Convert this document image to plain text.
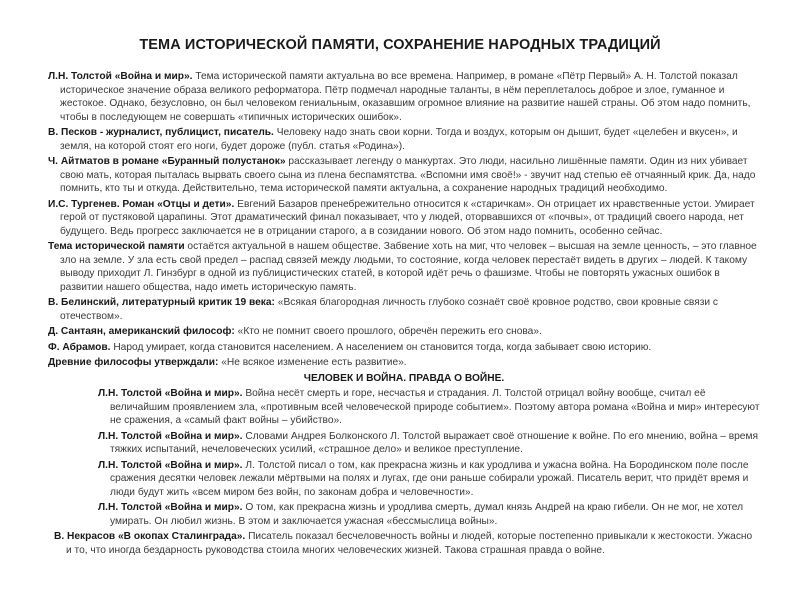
ТЕМА ИСТОРИЧЕСКОЙ ПАМЯТИ, СОХРАНЕНИЕ НАРОДНЫХ ТРАДИЦИЙ

Л.Н. Толстой «Война и мир». Тема исторической памяти актуальна во все времена. Например, в романе «Пётр Первый» А. Н. Толстой показал историческое значение образа великого реформатора. Пётр подмечал народные таланты, в нём переплеталось доброе и злое, гуманное и жестокое. Однако, безусловно, он был человеком гениальным, оказавшим огромное влияние на развитие нашей страны. Об этом надо помнить, чтобы в последующем не совершать «типичных исторических ошибок».

В. Песков - журналист, публицист, писатель. Человеку надо знать свои корни. Тогда и воздух, которым он дышит, будет «целебен и вкусен», и земля, на которой стоят его ноги, будет дороже (публ. статья «Родина»).

Ч. Айтматов в романе «Буранный полустанок» рассказывает легенду о манкуртах. Это люди, насильно лишённые памяти. Один из них убивает свою мать, которая пыталась вырвать своего сына из плена беспамятства. «Вспомни имя своё!» - звучит над степью её отчаянный крик. Да, надо помнить, кто ты и откуда. Действительно, тема исторической памяти актуальна, а сохранение народных традиций необходимо.

И.С. Тургенев. Роман «Отцы и дети». Евгений Базаров пренебрежительно относится к «старичкам». Он отрицает их нравственные устои. Умирает герой от пустяковой царапины. Этот драматический финал показывает, что у людей, оторвавшихся от «почвы», от традиций своего народа, нет будущего. Ведь прогресс заключается не в отрицании старого, а в созидании нового. Об этом надо помнить, особенно сейчас.

Тема исторической памяти остаётся актуальной в нашем обществе. Забвение хоть на миг, что человек – высшая на земле ценность, – это главное зло на земле. У зла есть свой предел – распад связей между людьми, то состояние, когда человек перестаёт видеть в других – людей. К такому выводу приходит Л. Гинзбург в одной из публицистических статей, в которой идёт речь о фашизме. Чтобы не повторять ужасных ошибок в развитии нашего общества, надо иметь историческую память.

В. Белинский, литературный критик 19 века: «Всякая благородная личность глубоко сознаёт своё кровное родство, свои кровные связи с отечеством».

Д. Сантаян, американский философ: «Кто не помнит своего прошлого, обречён пережить его снова».

Ф. Абрамов. Народ умирает, когда становится населением. А населением он становится тогда, когда забывает свою историю.

Древние философы утверждали: «Не всякое изменение есть развитие».

ЧЕЛОВЕК И ВОЙНА. ПРАВДА О ВОЙНЕ.

Л.Н. Толстой «Война и мир». Война несёт смерть и горе, несчастья и страдания. Л. Толстой отрицал войну вообще, считал её величайшим проявлением зла, «противным всей человеческой природе событием». Поэтому автора романа «Война и мир» интересуют не сражения, а «самый факт войны – убийство».

Л.Н. Толстой «Война и мир». Словами Андрея Болконского Л. Толстой выражает своё отношение к войне. По его мнению, война – время тяжких испытаний, нечеловеческих усилий, «страшное дело» и великое преступление.

Л.Н. Толстой «Война и мир». Л. Толстой писал о том, как прекрасна жизнь и как уродлива и ужасна война. На Бородинском поле после сражения десятки человек лежали мёртвыми на полях и лугах, где они раньше собирали урожай. Писатель верит, что придёт время и люди будут жить «всем миром без войн, по законам добра и человечности».

Л.Н. Толстой «Война и мир». О том, как прекрасна жизнь и уродлива смерть, думал князь Андрей на краю гибели. Он не мог, не хотел умирать. Он любил жизнь. В этом и заключается ужасная «бессмыслица войны».

В. Некрасов «В окопах Сталинграда». Писатель показал бесчеловечность войны и людей, которые постепенно привыкали к жестокости. Ужасно и то, что иногда бездарность руководства стоила многих человеческих жизней. Такова страшная правда о войне.
